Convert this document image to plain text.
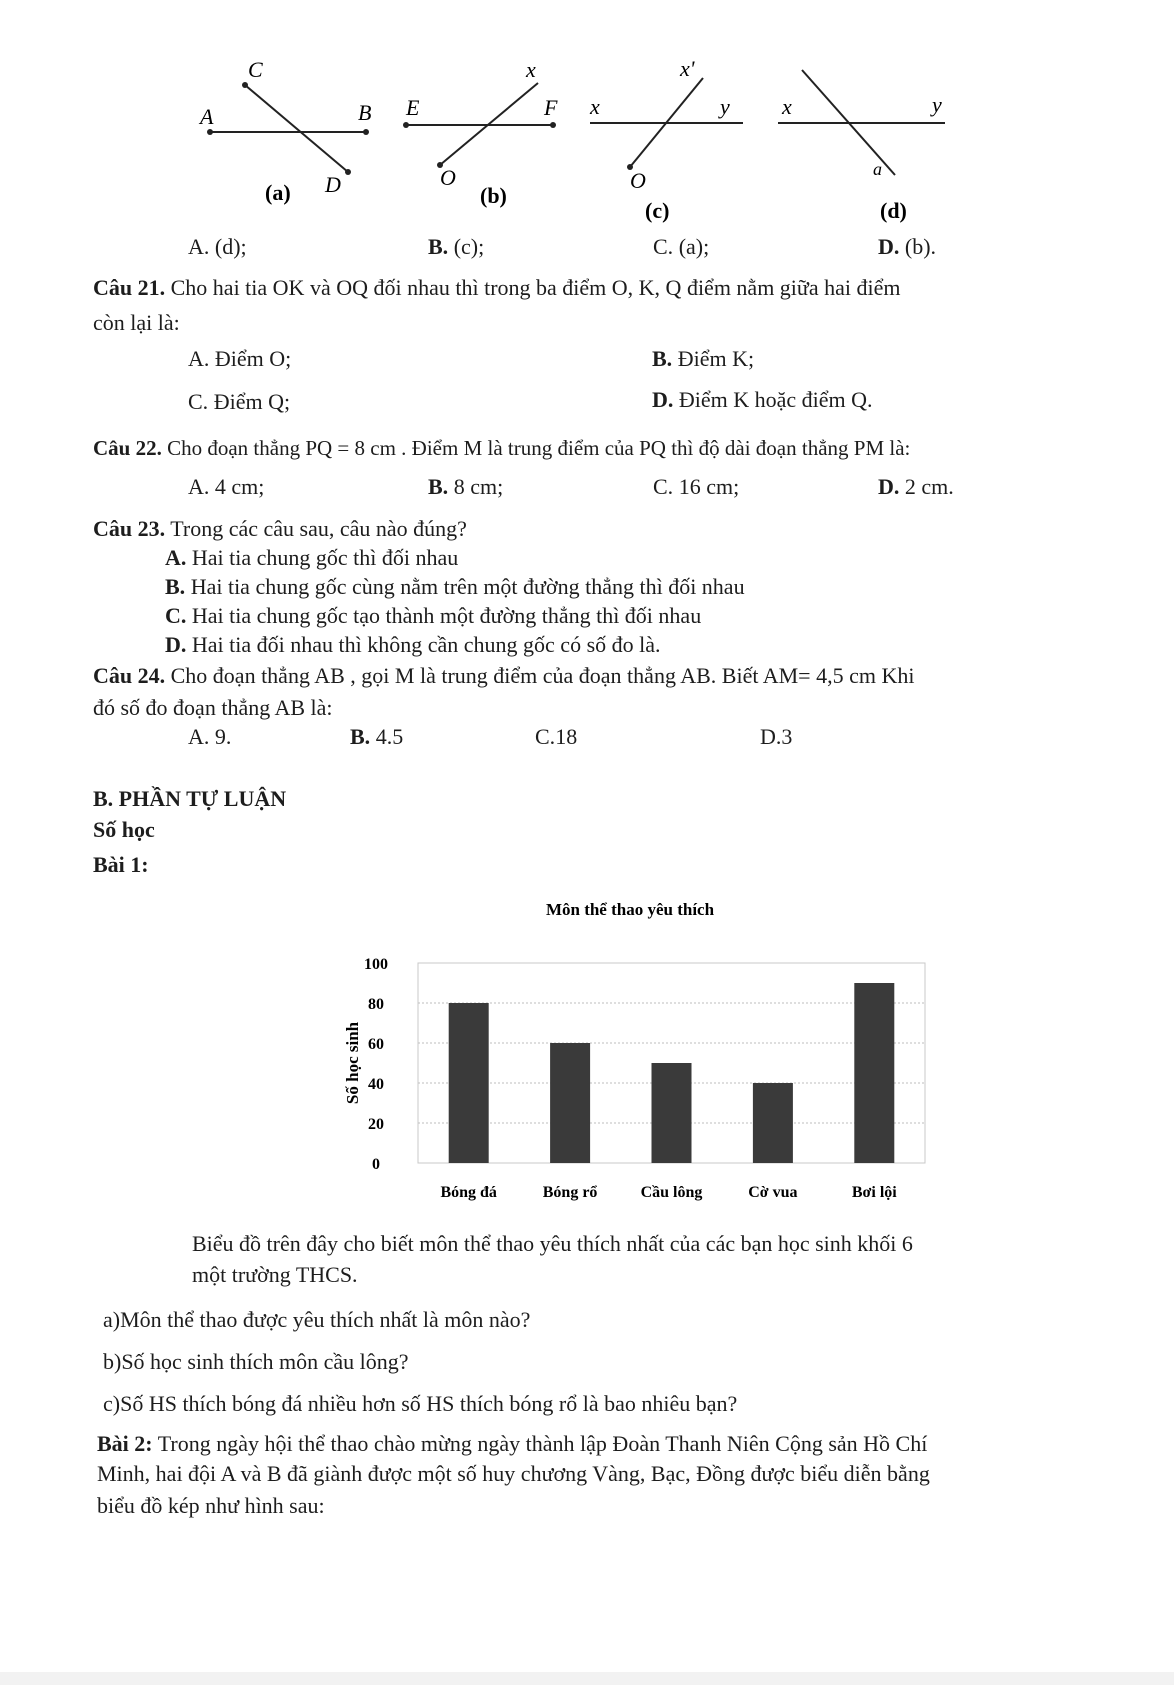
C
A	B
D
(a)
x
E	F
O
(b)
x'
x	y
O
(c)
x	y
a
(d)
A. (d);	B. (c);	C. (a);	D. (b).
Câu 21. Cho hai tia OK và OQ đối nhau thì trong ba điểm O, K, Q điểm nằm giữa hai điểm
còn lại là:
A. Điểm O;	B. Điểm K;
C. Điểm Q;	D. Điểm K hoặc điểm Q.
Câu 22. Cho đoạn thẳng PQ = 8 cm . Điểm M là trung điểm của PQ thì độ dài đoạn thẳng PM là:
A. 4 cm;	B. 8 cm;	C. 16 cm;	D. 2 cm.
Câu 23. Trong các câu sau, câu nào đúng?
A. Hai tia chung gốc thì đối nhau
B. Hai tia chung gốc cùng nằm trên một đường thẳng thì đối nhau
C. Hai tia chung gốc tạo thành một đường thẳng thì đối nhau
D. Hai tia đối nhau thì không cần chung gốc có số đo là.
Câu 24. Cho đoạn thẳng AB , gọi M là trung điểm của đoạn thẳng AB. Biết AM= 4,5 cm Khi
đó số đo đoạn thẳng AB là:
A. 9.	B. 4.5	C.18	D.3
B. PHẦN TỰ LUẬN
Số học
Bài 1:
Môn thể thao yêu thích
Số học sinh
0
20
40
60
80
100
Bóng đá	Bóng rổ	Cầu lông	Cờ vua	Bơi lội
Biểu đồ trên đây cho biết môn thể thao yêu thích nhất của các bạn học sinh khối 6
một trường THCS.
a)Môn thể thao được yêu thích nhất là môn nào?
b)Số học sinh thích môn cầu lông?
c)Số HS thích bóng đá nhiều hơn số HS thích bóng rổ là bao nhiêu bạn?
Bài 2: Trong ngày hội thể thao chào mừng ngày thành lập Đoàn Thanh Niên Cộng sản Hồ Chí
Minh, hai đội A và B đã giành được một số huy chương Vàng, Bạc, Đồng được biểu diễn bằng
biểu đồ kép như hình sau:
